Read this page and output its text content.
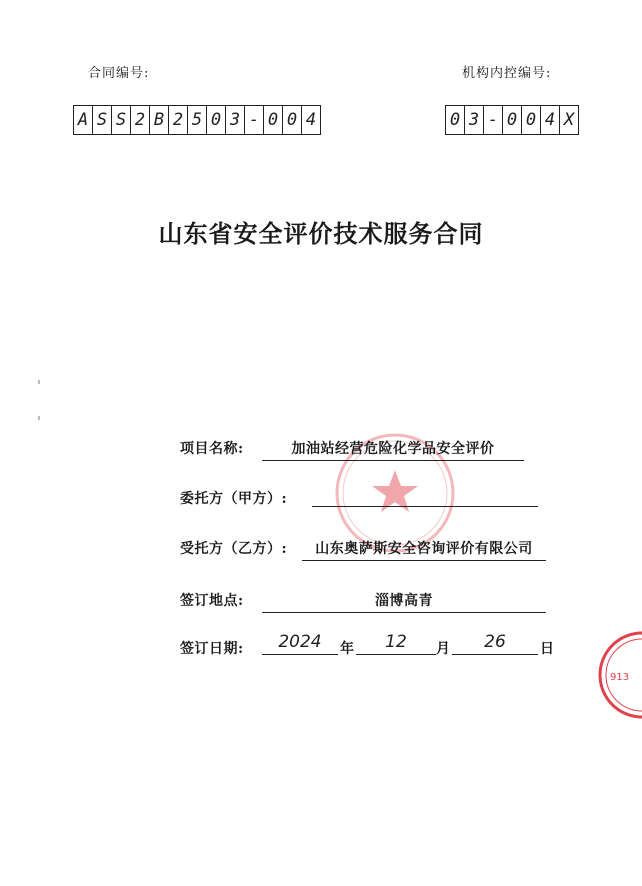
合同编号:	机构内控编号:
A S S 2 B 2 5 0 3 - 0 0 4	0 3 - 0 0 4 X
山东省安全评价技术服务合同
913
项目名称:	加油站经营危险化学品安全评价
委托方（甲方）:
受托方（乙方）:	山东奥萨斯安全咨询评价有限公司
签订地点:	淄博高青
签订日期:	2024	年	12	月	26	日
